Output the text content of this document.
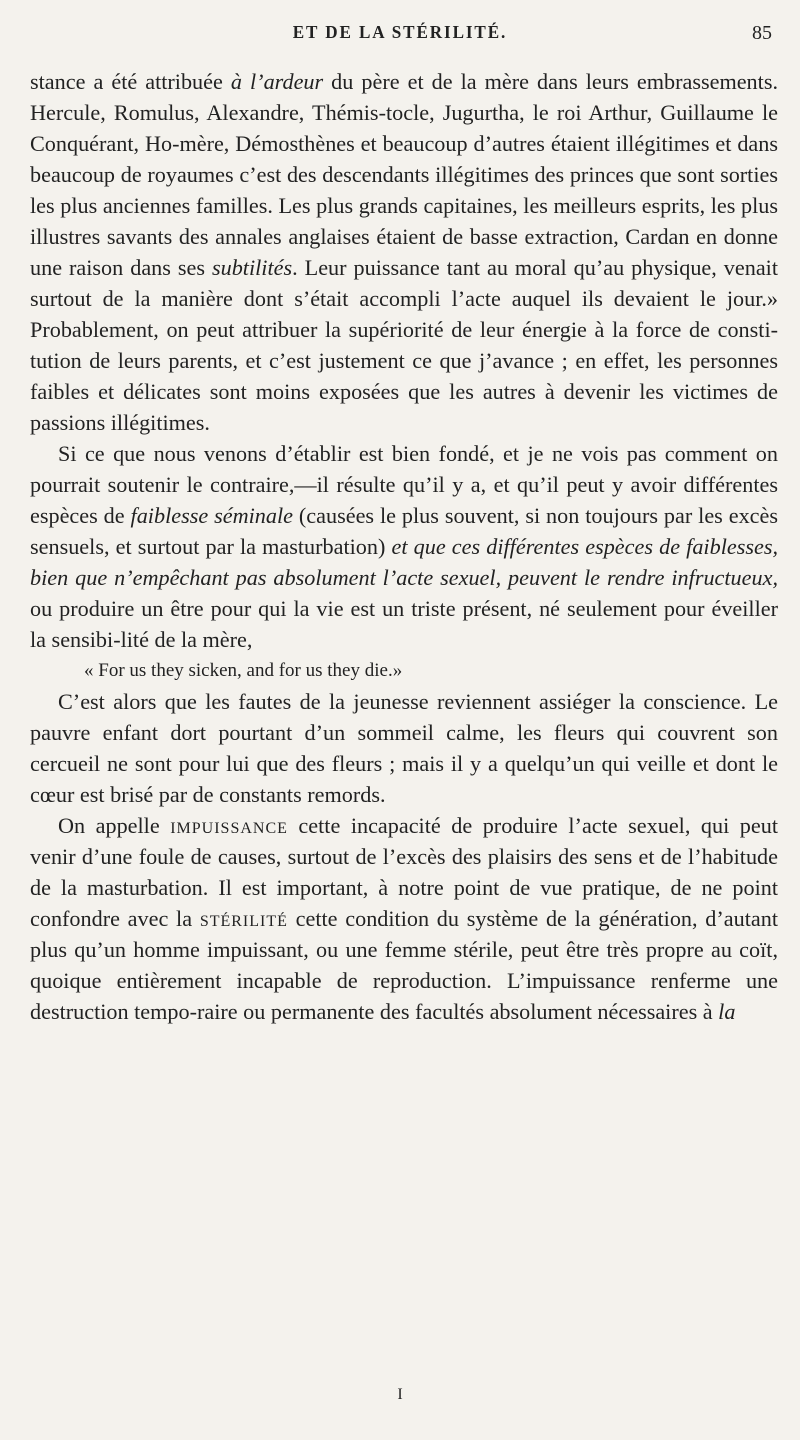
ET DE LA STÉRILITÉ.	85

stance a été attribuée à l’ardeur du père et de la mère dans leurs embrassements. Hercule, Romulus, Alexandre, Thémis-tocle, Jugurtha, le roi Arthur, Guillaume le Conquérant, Ho-mère, Démosthènes et beaucoup d’autres étaient illégitimes et dans beaucoup de royaumes c’est des descendants illégitimes des princes que sont sorties les plus anciennes familles. Les plus grands capitaines, les meilleurs esprits, les plus illustres savants des annales anglaises étaient de basse extraction, Cardan en donne une raison dans ses subtilités. Leur puissance tant au moral qu’au physique, venait surtout de la manière dont s’était accompli l’acte auquel ils devaient le jour.» Probablement, on peut attribuer la supériorité de leur énergie à la force de consti-tution de leurs parents, et c’est justement ce que j’avance ; en effet, les personnes faibles et délicates sont moins exposées que les autres à devenir les victimes de passions illégitimes.

Si ce que nous venons d’établir est bien fondé, et je ne vois pas comment on pourrait soutenir le contraire,—il résulte qu’il y a, et qu’il peut y avoir différentes espèces de faiblesse séminale (causées le plus souvent, si non toujours par les excès sensuels, et surtout par la masturbation) et que ces différentes espèces de faiblesses, bien que n’empêchant pas absolument l’acte sexuel, peuvent le rendre infructueux, ou produire un être pour qui la vie est un triste présent, né seulement pour éveiller la sensibi-lité de la mère,

« For us they sicken, and for us they die.»

C’est alors que les fautes de la jeunesse reviennent assiéger la conscience. Le pauvre enfant dort pourtant d’un sommeil calme, les fleurs qui couvrent son cercueil ne sont pour lui que des fleurs ; mais il y a quelqu’un qui veille et dont le cœur est brisé par de constants remords.

On appelle impuissance cette incapacité de produire l’acte sexuel, qui peut venir d’une foule de causes, surtout de l’excès des plaisirs des sens et de l’habitude de la masturbation. Il est important, à notre point de vue pratique, de ne point confondre avec la stérilité cette condition du système de la génération, d’autant plus qu’un homme impuissant, ou une femme stérile, peut être très propre au coït, quoique entièrement incapable de reproduction. L’impuissance renferme une destruction tempo-raire ou permanente des facultés absolument nécessaires à la

I
